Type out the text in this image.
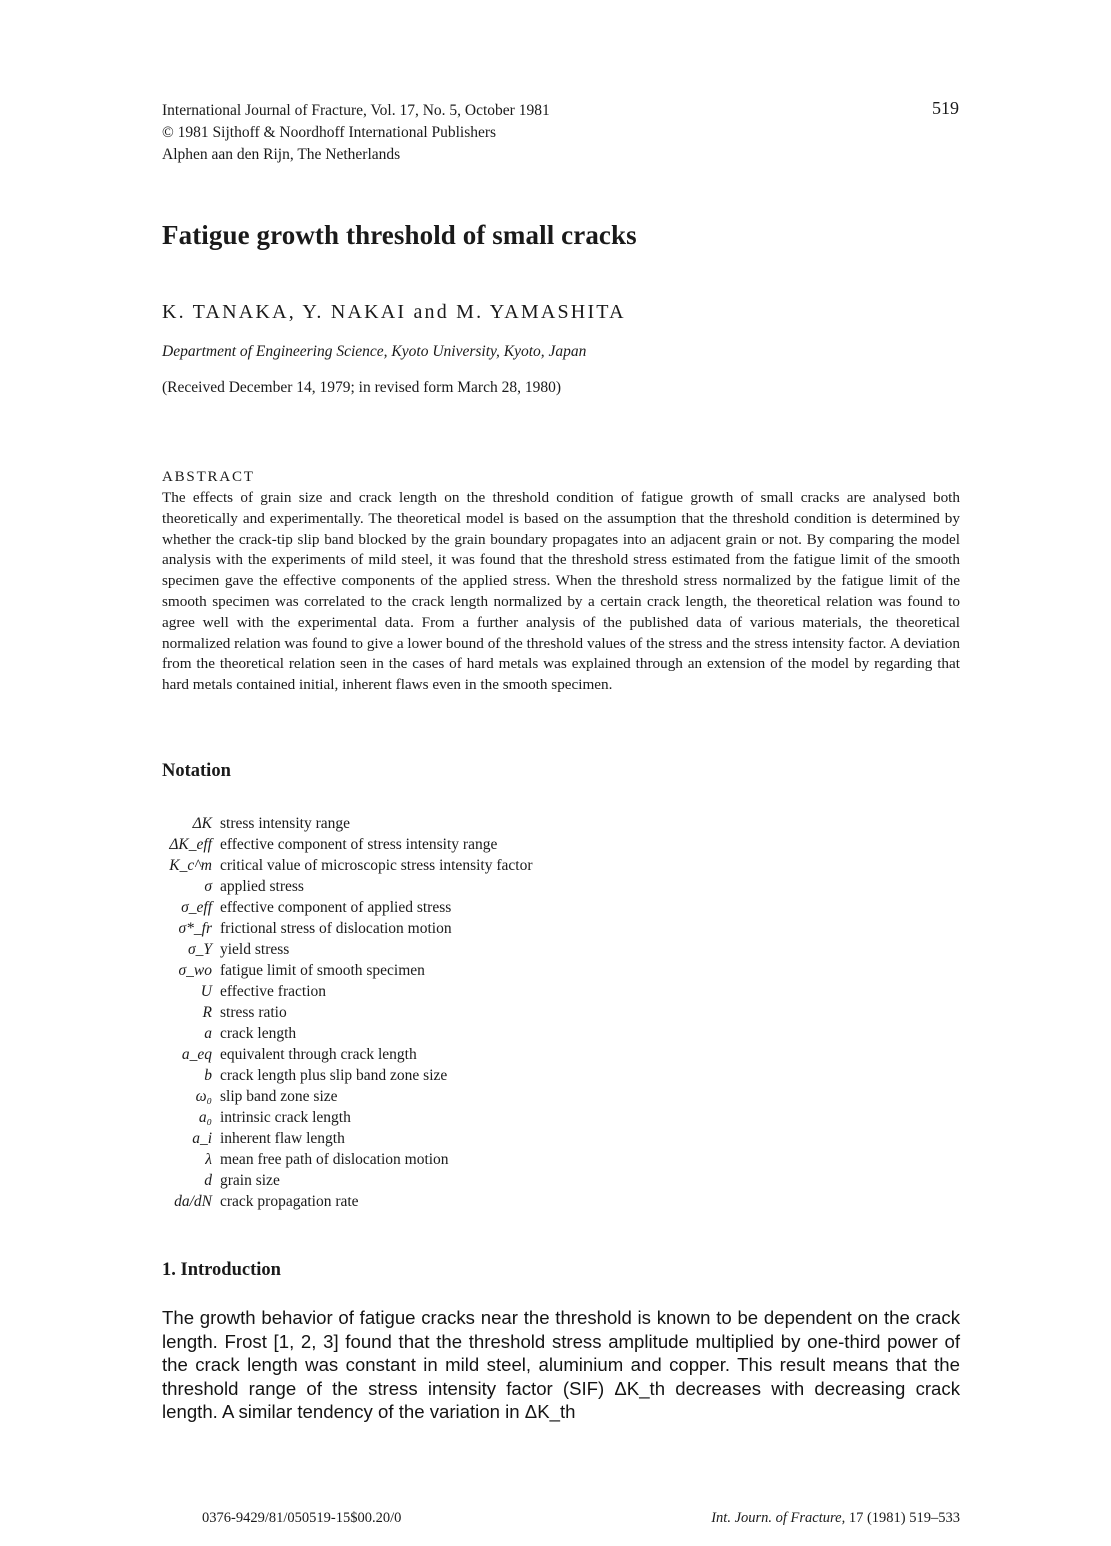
International Journal of Fracture, Vol. 17, No. 5, October 1981
© 1981 Sijthoff & Noordhoff International Publishers
Alphen aan den Rijn, The Netherlands
519
Fatigue growth threshold of small cracks
K. TANAKA, Y. NAKAI and M. YAMASHITA
Department of Engineering Science, Kyoto University, Kyoto, Japan
(Received December 14, 1979; in revised form March 28, 1980)
ABSTRACT
The effects of grain size and crack length on the threshold condition of fatigue growth of small cracks are analysed both theoretically and experimentally. The theoretical model is based on the assumption that the threshold condition is determined by whether the crack-tip slip band blocked by the grain boundary propagates into an adjacent grain or not. By comparing the model analysis with the experiments of mild steel, it was found that the threshold stress estimated from the fatigue limit of the smooth specimen gave the effective components of the applied stress. When the threshold stress normalized by the fatigue limit of the smooth specimen was correlated to the crack length normalized by a certain crack length, the theoretical relation was found to agree well with the experimental data. From a further analysis of the published data of various materials, the theoretical normalized relation was found to give a lower bound of the threshold values of the stress and the stress intensity factor. A deviation from the theoretical relation seen in the cases of hard metals was explained through an extension of the model by regarding that hard metals contained initial, inherent flaws even in the smooth specimen.
Notation
ΔK stress intensity range
ΔK_eff effective component of stress intensity range
K_c^m critical value of microscopic stress intensity factor
σ applied stress
σ_eff effective component of applied stress
σ*_fr frictional stress of dislocation motion
σ_Y yield stress
σ_wo fatigue limit of smooth specimen
U effective fraction
R stress ratio
a crack length
a_eq equivalent through crack length
b crack length plus slip band zone size
ω₀ slip band zone size
a₀ intrinsic crack length
a_i inherent flaw length
λ mean free path of dislocation motion
d grain size
da/dN crack propagation rate
1. Introduction
The growth behavior of fatigue cracks near the threshold is known to be dependent on the crack length. Frost [1, 2, 3] found that the threshold stress amplitude multiplied by one-third power of the crack length was constant in mild steel, aluminium and copper. This result means that the threshold range of the stress intensity factor (SIF) ΔK_th decreases with decreasing crack length. A similar tendency of the variation in ΔK_th
0376-9429/81/050519-15$00.20/0	Int. Journ. of Fracture, 17 (1981) 519–533
